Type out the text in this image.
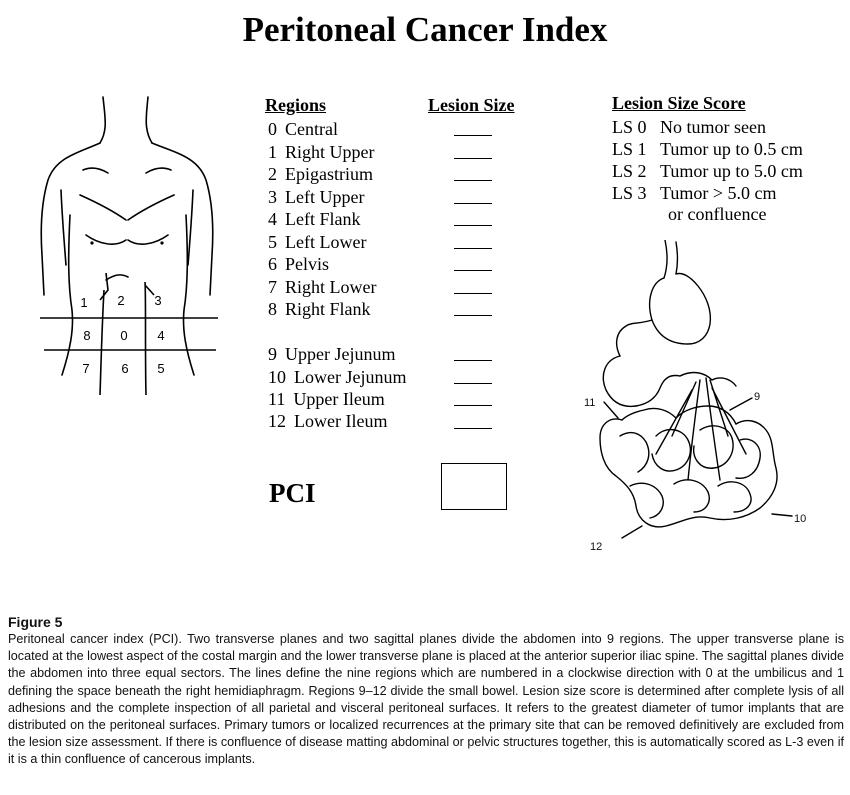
Peritoneal Cancer Index
1 2 3
8 0 4
7 6 5
Regions	Lesion Size	Lesion Size Score
0 Central
1 Right Upper
2 Epigastrium
3 Left Upper
4 Left Flank
5 Left Lower
6 Pelvis
7 Right Lower
8 Right Flank
9 Upper Jejunum
10 Lower Jejunum
11 Upper Ileum
12 Lower Ileum
LS 0 No tumor seen
LS 1 Tumor up to 0.5 cm
LS 2 Tumor up to 5.0 cm
LS 3 Tumor > 5.0 cm
or confluence
PCI
11	9
10
12
Figure 5
Peritoneal cancer index (PCI). Two transverse planes and two sagittal planes divide the abdomen into 9 regions. The upper transverse plane is located at the lowest aspect of the costal margin and the lower transverse plane is placed at the anterior superior iliac spine. The sagittal planes divide the abdomen into three equal sectors. The lines define the nine regions which are numbered in a clockwise direction with 0 at the umbilicus and 1 defining the space beneath the right hemidiaphragm. Regions 9–12 divide the small bowel. Lesion size score is determined after complete lysis of all adhesions and the complete inspection of all parietal and visceral peritoneal surfaces. It refers to the greatest diameter of tumor implants that are distributed on the peritoneal surfaces. Primary tumors or localized recurrences at the primary site that can be removed definitively are excluded from the lesion size assessment. If there is confluence of disease matting abdominal or pelvic structures together, this is automatically scored as L-3 even if it is a thin confluence of cancerous implants.
